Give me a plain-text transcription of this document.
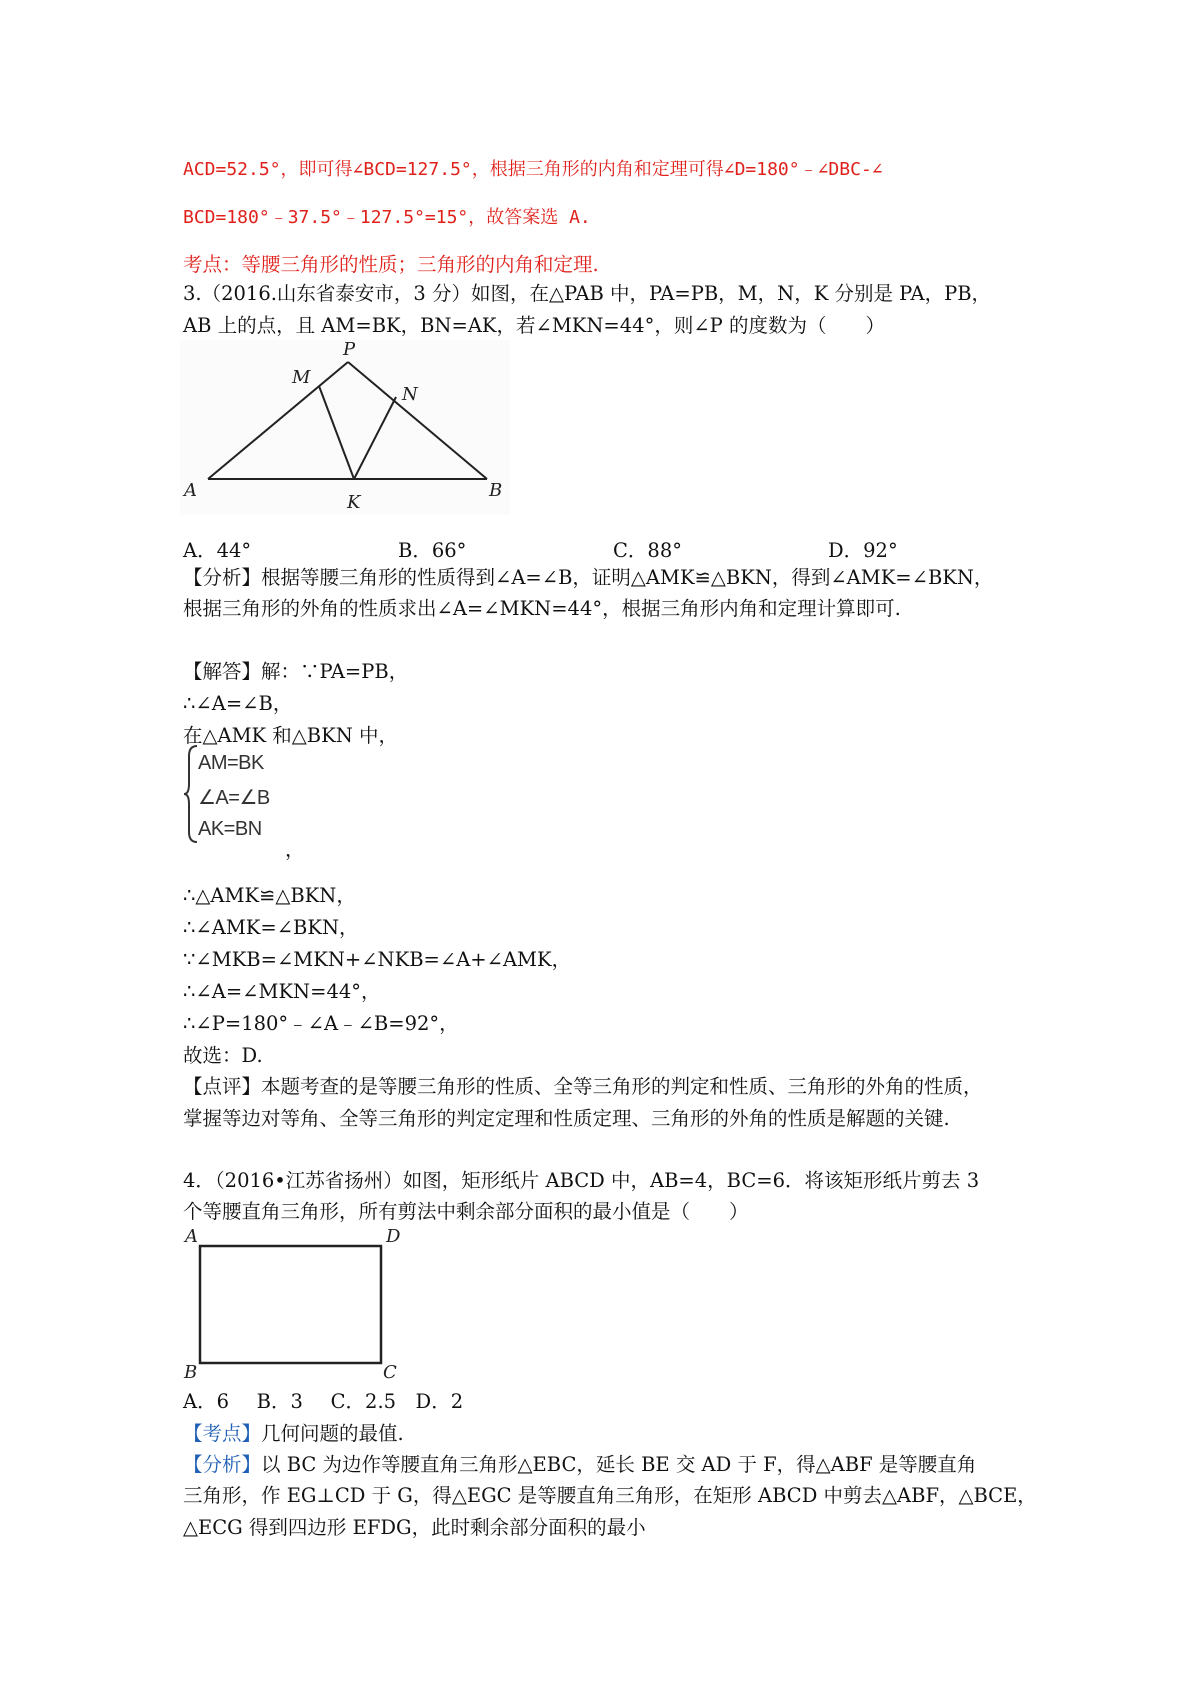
ACD=52.5°，即可得∠BCD=127.5°，根据三角形的内角和定理可得∠D=180°﹣∠DBC-∠
BCD=180°﹣37.5°﹣127.5°=15°，故答案选 A.
考点：等腰三角形的性质；三角形的内角和定理.
3.（2016.山东省泰安市，3 分）如图，在△PAB 中，PA=PB，M，N，K 分别是 PA，PB，
AB 上的点，且 AM=BK，BN=AK，若∠MKN=44°，则∠P 的度数为（　　）
P
M
N
A
K
B
A．44°	B．66°	C．88°	D．92°
【分析】根据等腰三角形的性质得到∠A=∠B，证明△AMK≌△BKN，得到∠AMK=∠BKN，
根据三角形的外角的性质求出∠A=∠MKN=44°，根据三角形内角和定理计算即可.
【解答】解：∵PA=PB，
∴∠A=∠B，
在△AMK 和△BKN 中，
AM=BK
∠A=∠B
AK=BN
，
∴△AMK≌△BKN，
∴∠AMK=∠BKN，
∵∠MKB=∠MKN+∠NKB=∠A+∠AMK，
∴∠A=∠MKN=44°，
∴∠P=180°﹣∠A﹣∠B=92°，
故选：D.
【点评】本题考查的是等腰三角形的性质、全等三角形的判定和性质、三角形的外角的性质，
掌握等边对等角、全等三角形的判定定理和性质定理、三角形的外角的性质是解题的关键.
4．（2016•江苏省扬州）如图，矩形纸片 ABCD 中，AB=4，BC=6．将该矩形纸片剪去 3
个等腰直角三角形，所有剪法中剩余部分面积的最小值是（　　）
A	D
B	C
A．6　 B．3　 C．2.5　D．2
【考点】几何问题的最值.
【分析】以 BC 为边作等腰直角三角形△EBC，延长 BE 交 AD 于 F，得△ABF 是等腰直角
三角形，作 EG⊥CD 于 G，得△EGC 是等腰直角三角形，在矩形 ABCD 中剪去△ABF，△BCE，
△ECG 得到四边形 EFDG，此时剩余部分面积的最小
